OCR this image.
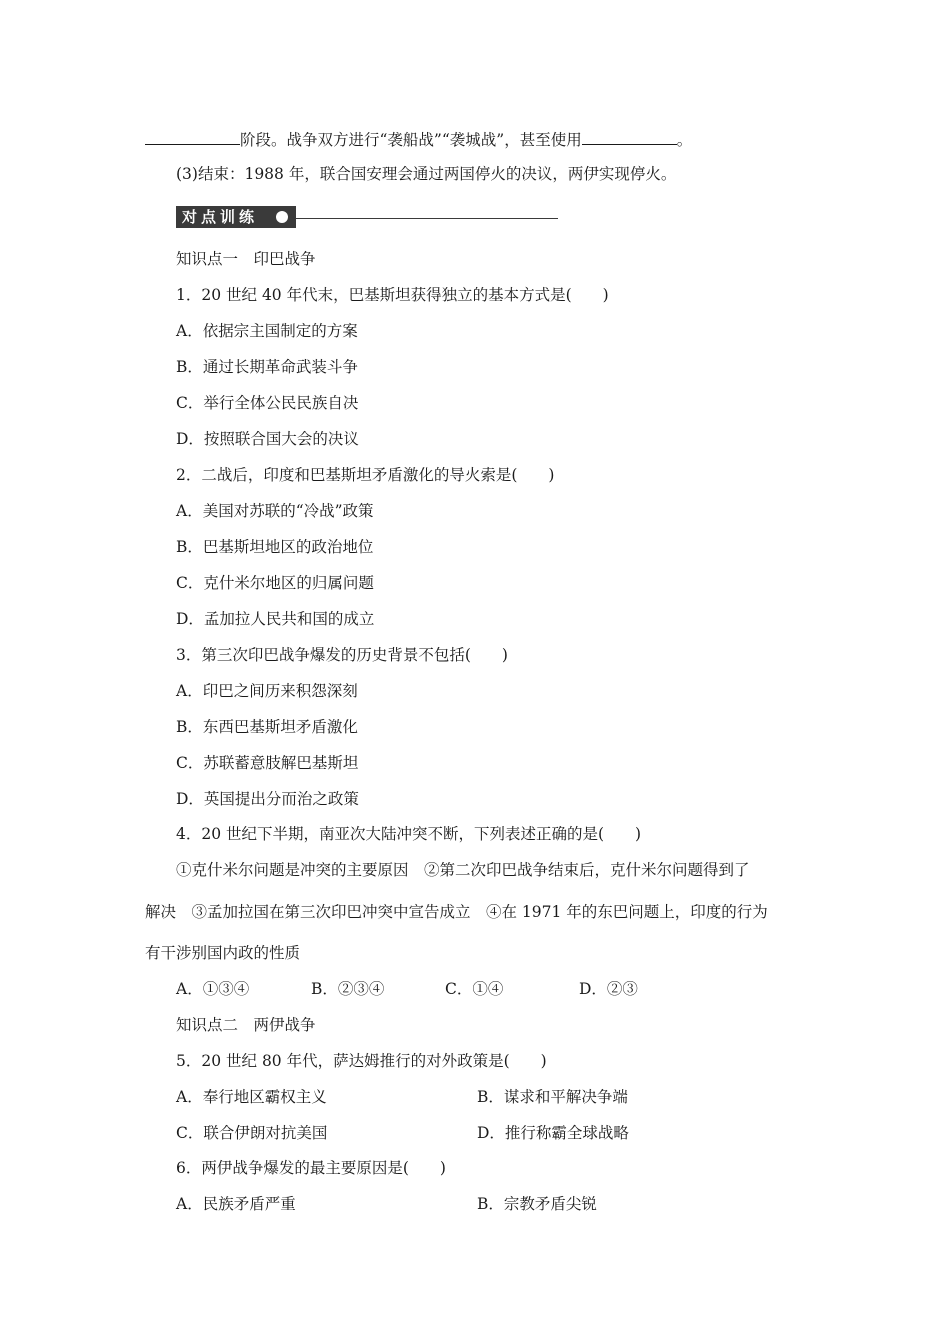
阶段。战争双方进行“袭船战”“袭城战”，甚至使用	。
(3)结束：1988 年，联合国安理会通过两国停火的决议，两伊实现停火。
对点训练
知识点一　印巴战争
1．20 世纪 40 年代末，巴基斯坦获得独立的基本方式是(　　)
A．依据宗主国制定的方案
B．通过长期革命武装斗争
C．举行全体公民民族自决
D．按照联合国大会的决议
2．二战后，印度和巴基斯坦矛盾激化的导火索是(　　)
A．美国对苏联的“冷战”政策
B．巴基斯坦地区的政治地位
C．克什米尔地区的归属问题
D．孟加拉人民共和国的成立
3．第三次印巴战争爆发的历史背景不包括(　　)
A．印巴之间历来积怨深刻
B．东西巴基斯坦矛盾激化
C．苏联蓄意肢解巴基斯坦
D．英国提出分而治之政策
4．20 世纪下半期，南亚次大陆冲突不断，下列表述正确的是(　　)
①克什米尔问题是冲突的主要原因　②第二次印巴战争结束后，克什米尔问题得到了
解决　③孟加拉国在第三次印巴冲突中宣告成立　④在 1971 年的东巴问题上，印度的行为
有干涉别国内政的性质
A．①③④	B．②③④	C．①④	D．②③
知识点二　两伊战争
5．20 世纪 80 年代，萨达姆推行的对外政策是(　　)
A．奉行地区霸权主义	B．谋求和平解决争端
C．联合伊朗对抗美国	D．推行称霸全球战略
6．两伊战争爆发的最主要原因是(　　)
A．民族矛盾严重	B．宗教矛盾尖锐
